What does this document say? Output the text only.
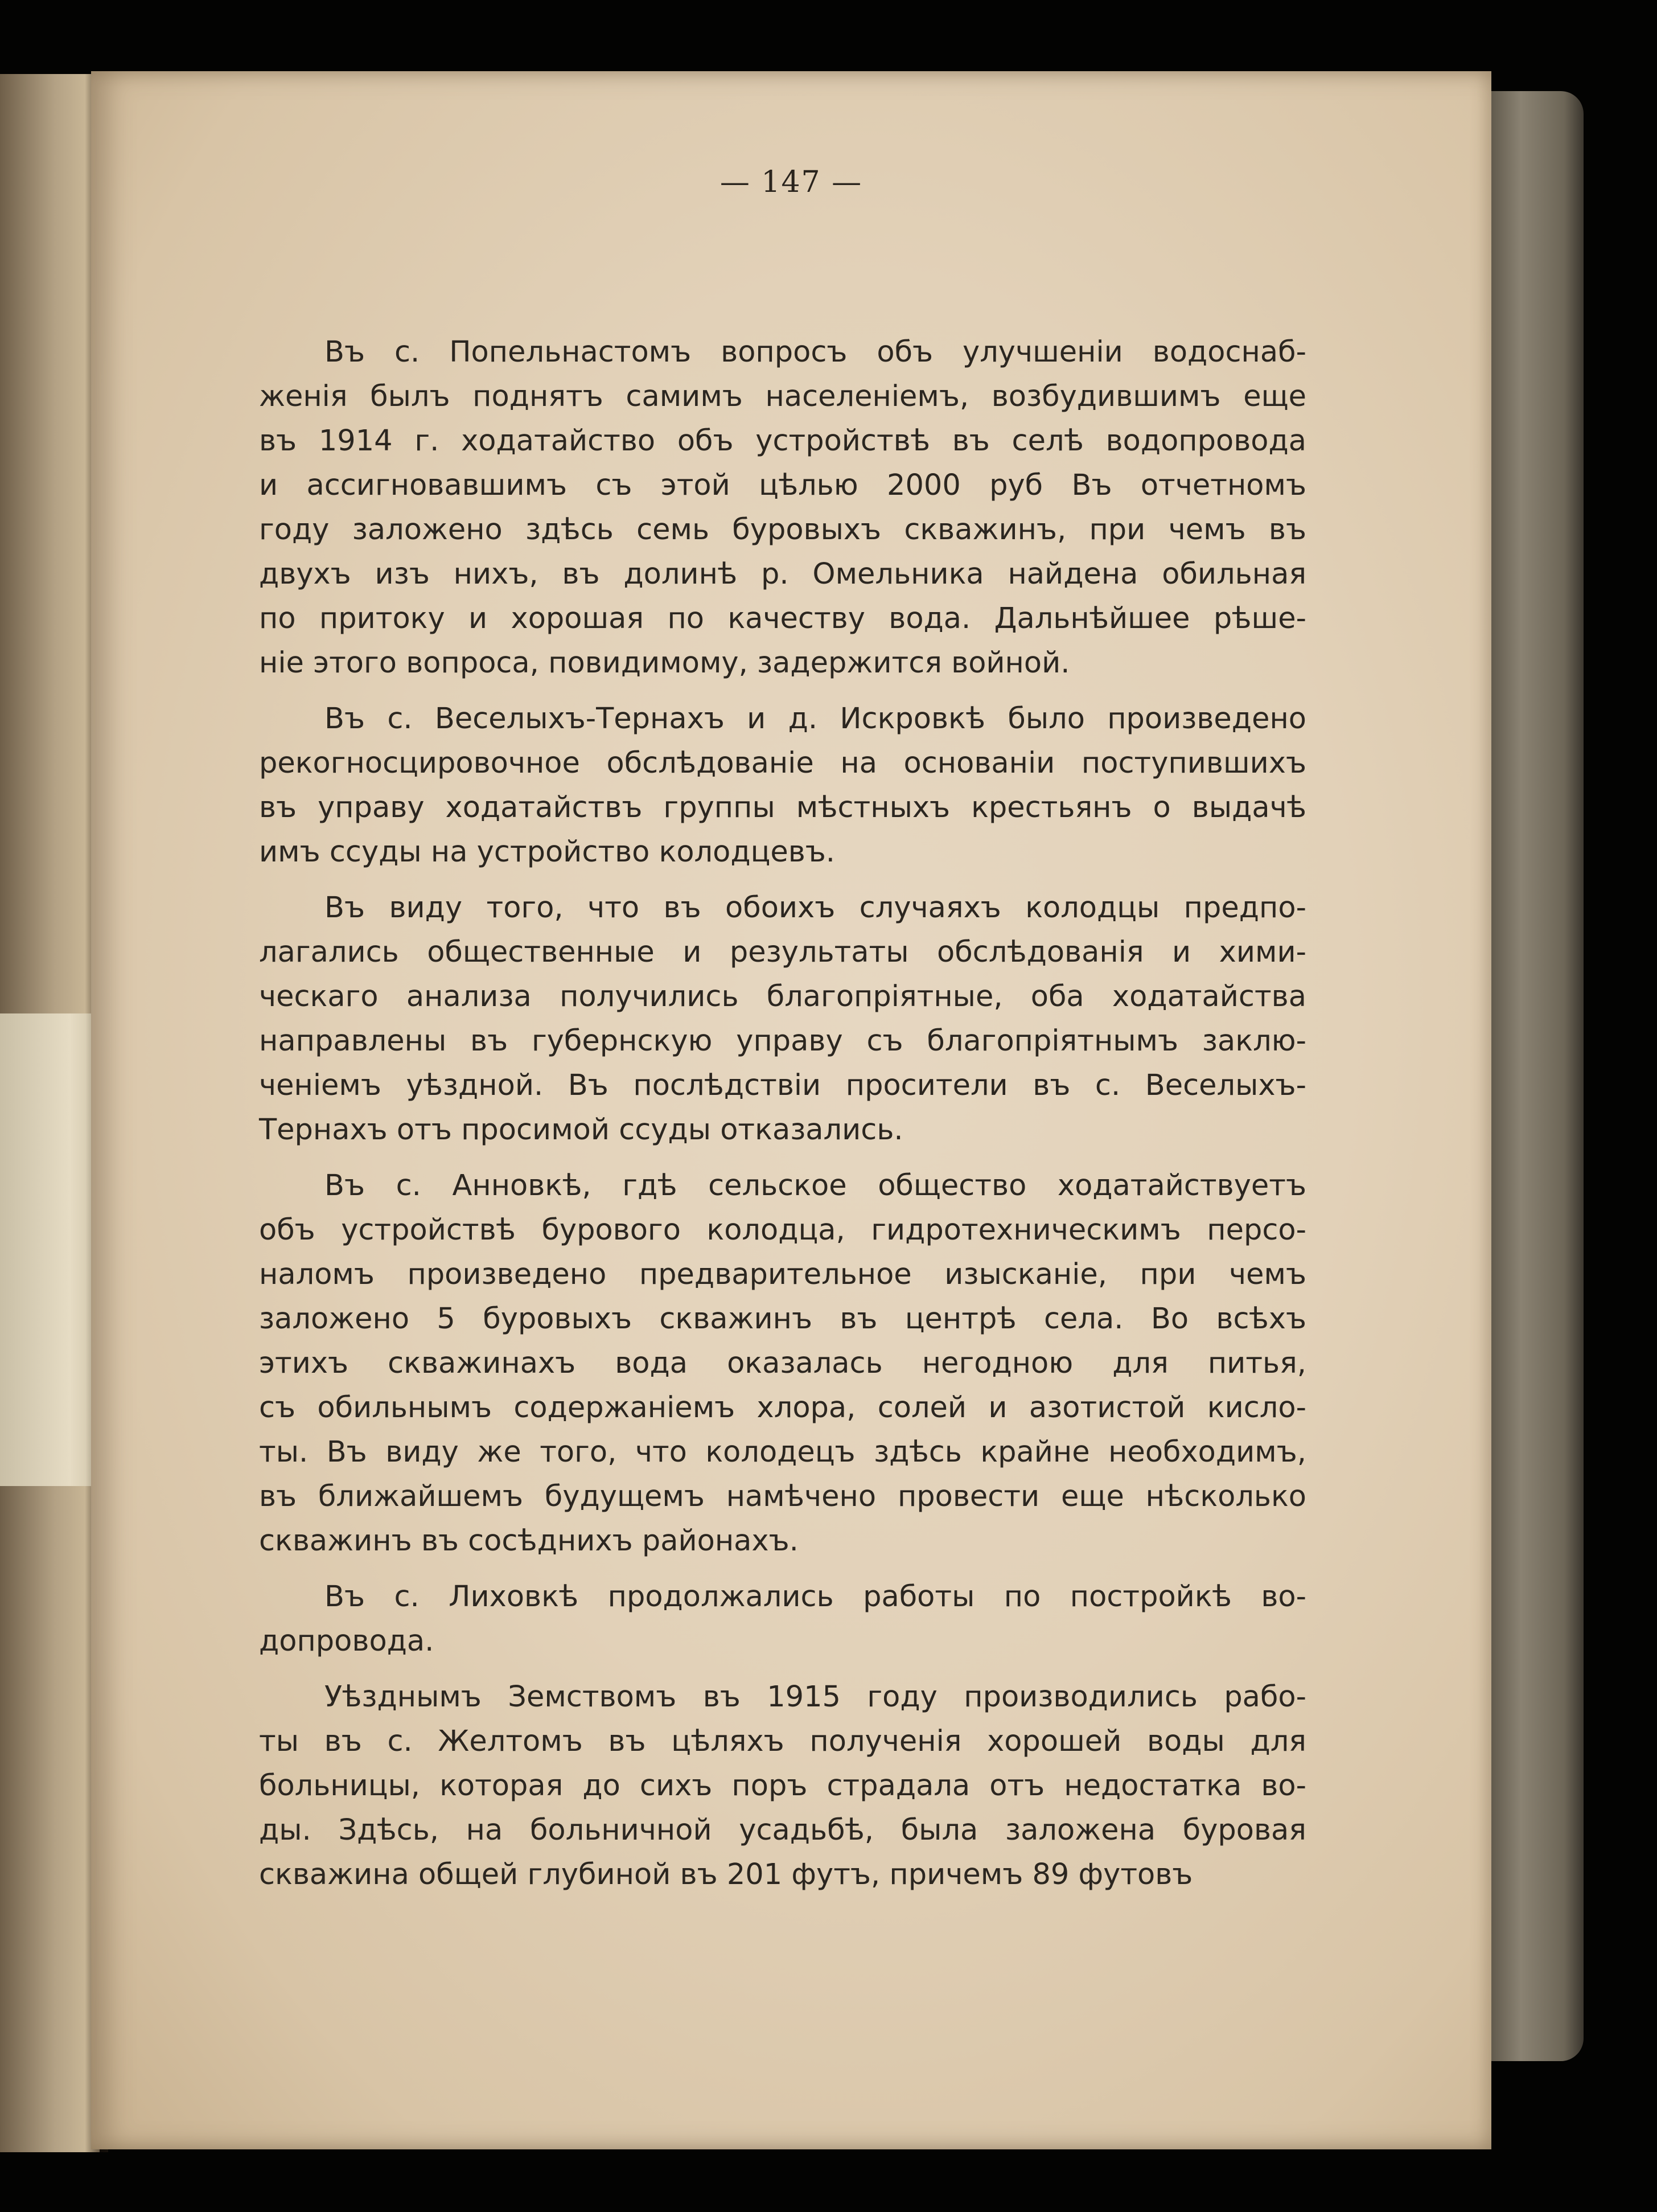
— 147 —
Въ с. Попельнастомъ вопросъ объ улучшеніи водоснаб-
женія былъ поднятъ самимъ населеніемъ, возбудившимъ еще
въ 1914 г. ходатайство объ устройствѣ въ селѣ водопровода
и ассигновавшимъ съ этой цѣлью 2000 руб Въ отчетномъ
году заложено здѣсь семь буровыхъ скважинъ, при чемъ въ
двухъ изъ нихъ, въ долинѣ р. Омельника найдена обильная
по притоку и хорошая по качеству вода. Дальнѣйшее рѣше-
ніе этого вопроса, повидимому, задержится войной.
Въ с. Веселыхъ-Тернахъ и д. Искровкѣ было произведено
рекогносцировочное обслѣдованіе на основаніи поступившихъ
въ управу ходатайствъ группы мѣстныхъ крестьянъ о выдачѣ
имъ ссуды на устройство колодцевъ.
Въ виду того, что въ обоихъ случаяхъ колодцы предпо-
лагались общественные и результаты обслѣдованія и хими-
ческаго анализа получились благопріятные, оба ходатайства
направлены въ губернскую управу съ благопріятнымъ заклю-
ченіемъ уѣздной. Въ послѣдствіи просители въ с. Веселыхъ-
Тернахъ отъ просимой ссуды отказались.
Въ с. Анновкѣ, гдѣ сельское общество ходатайствуетъ
объ устройствѣ бурового колодца, гидротехническимъ персо-
наломъ произведено предварительное изысканіе, при чемъ
заложено 5 буровыхъ скважинъ въ центрѣ села. Во всѣхъ
этихъ скважинахъ вода оказалась негодною для питья,
съ обильнымъ содержаніемъ хлора, солей и азотистой кисло-
ты. Въ виду же того, что колодецъ здѣсь крайне необходимъ,
въ ближайшемъ будущемъ намѣчено провести еще нѣсколько
скважинъ въ сосѣднихъ районахъ.
Въ с. Лиховкѣ продолжались работы по постройкѣ во-
допровода.
Уѣзднымъ Земствомъ въ 1915 году производились рабо-
ты въ с. Желтомъ въ цѣляхъ полученія хорошей воды для
больницы, которая до сихъ поръ страдала отъ недостатка во-
ды. Здѣсь, на больничной усадьбѣ, была заложена буровая
скважина общей глубиной въ 201 футъ, причемъ 89 футовъ
